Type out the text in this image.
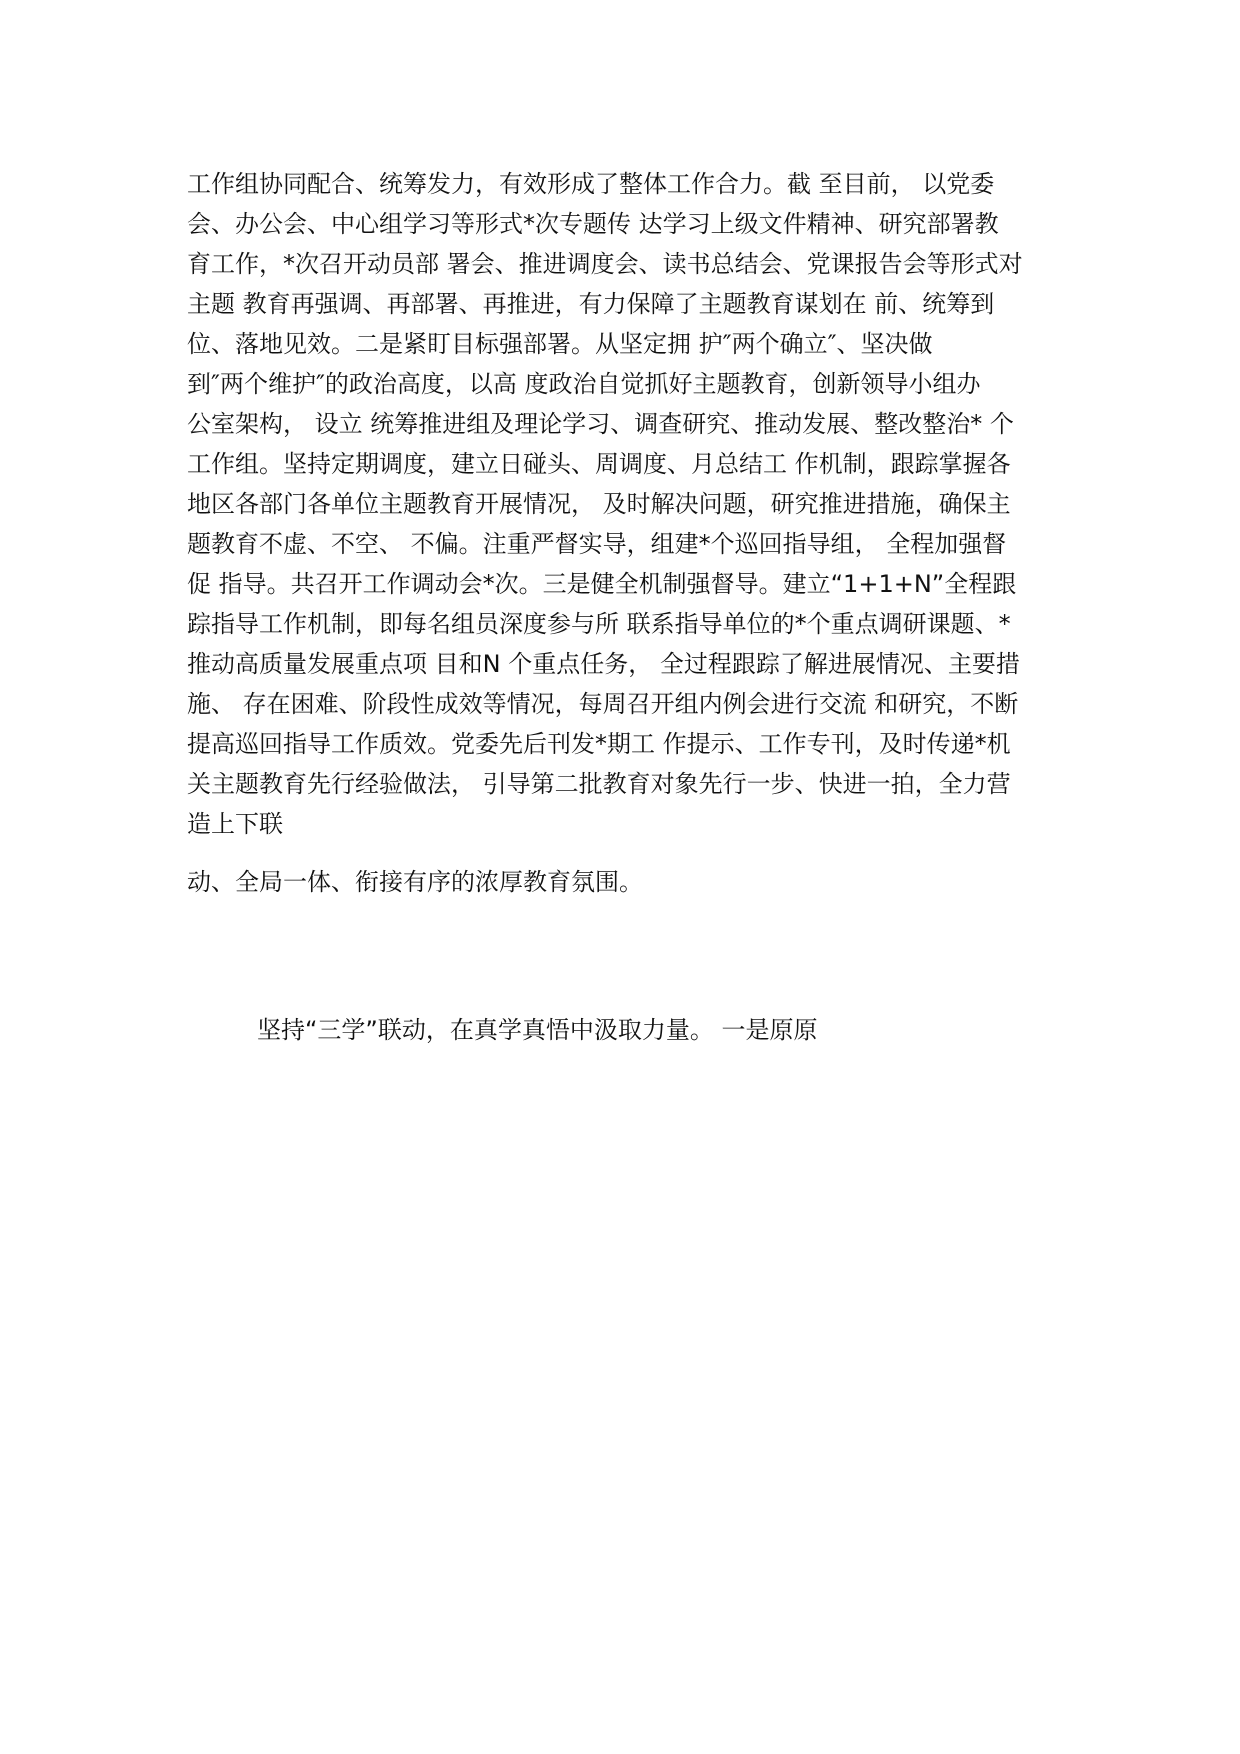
工作组协同配合、统筹发力，有效形成了整体工作合力。截 至目前， 以党委
会、办公会、中心组学习等形式*次专题传 达学习上级文件精神、研究部署教
育工作，*次召开动员部 署会、推进调度会、读书总结会、党课报告会等形式对
主题 教育再强调、再部署、再推进，有力保障了主题教育谋划在 前、统筹到
位、落地见效。二是紧盯目标强部署。从坚定拥 护″两个确立″、坚决做
到″两个维护″的政治高度，以高 度政治自觉抓好主题教育，创新领导小组办
公室架构， 设立 统筹推进组及理论学习、调查研究、推动发展、整改整治* 个
工作组。坚持定期调度，建立日碰头、周调度、月总结工 作机制，跟踪掌握各
地区各部门各单位主题教育开展情况， 及时解决问题，研究推进措施，确保主
题教育不虚、不空、 不偏。注重严督实导，组建*个巡回指导组， 全程加强督
促 指导。共召开工作调动会*次。三是健全机制强督导。建立“1+1+N”全程跟
踪指导工作机制，即每名组员深度参与所 联系指导单位的*个重点调研课题、*
推动高质量发展重点项 目和N 个重点任务， 全过程跟踪了解进展情况、主要措
施、 存在困难、阶段性成效等情况，每周召开组内例会进行交流 和研究，不断
提高巡回指导工作质效。党委先后刊发*期工 作提示、工作专刊，及时传递*机
关主题教育先行经验做法， 引导第二批教育对象先行一步、快进一拍，全力营
造上下联
动、全局一体、衔接有序的浓厚教育氛围。
坚持“三学”联动，在真学真悟中汲取力量。 一是原原
